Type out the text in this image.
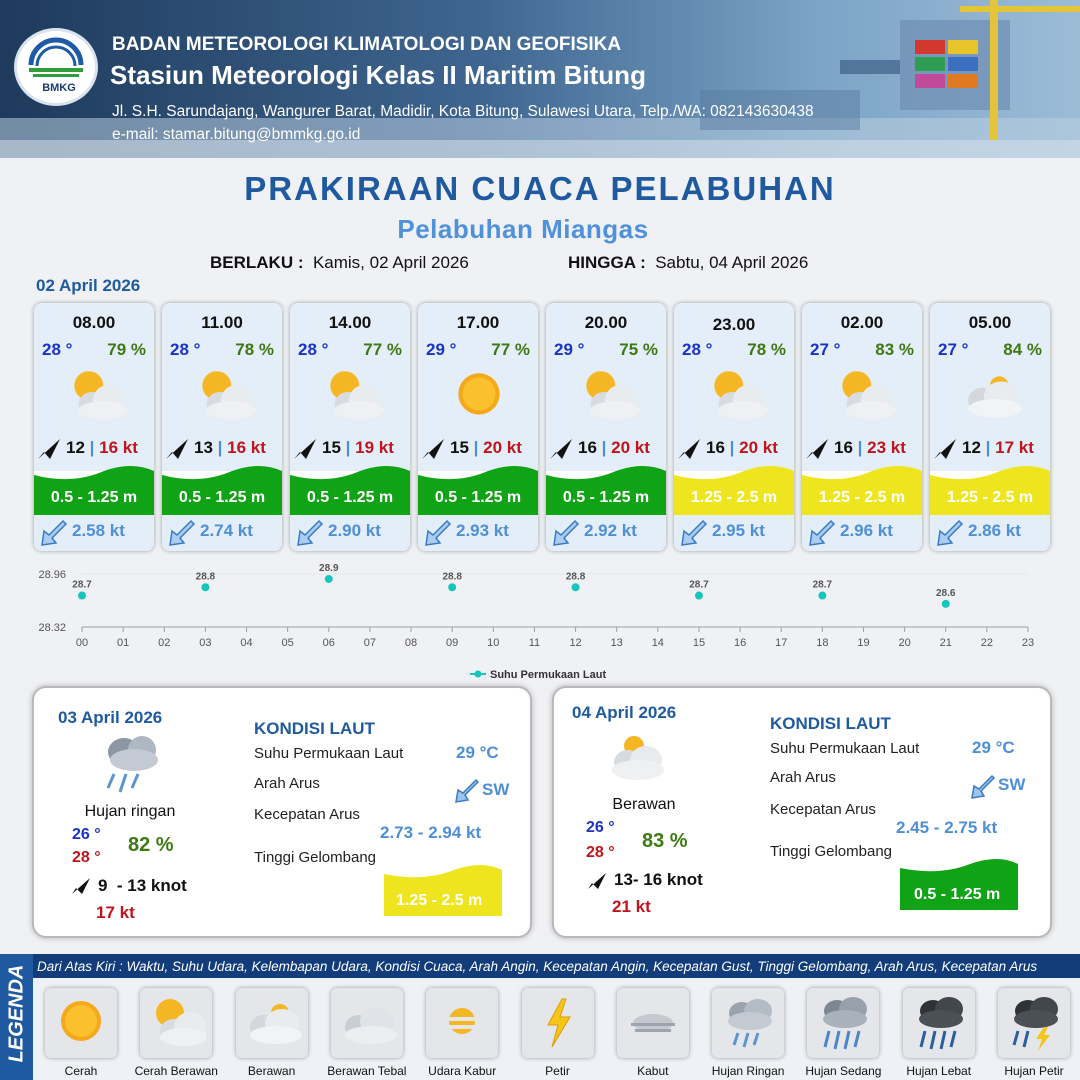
BMKG
BADAN METEOROLOGI KLIMATOLOGI DAN GEOFISIKA
Stasiun Meteorologi Kelas II Maritim Bitung
Jl. S.H. Sarundajang, Wangurer Barat, Madidir, Kota Bitung, Sulawesi Utara, Telp./WA: 082143630438
e-mail: stamar.bitung@bmmkg.go.id
PRAKIRAAN CUACA PELABUHAN
Pelabuhan Miangas
BERLAKU : Kamis, 02 April 2026	HINGGA : Sabtu, 04 April 2026
02 April 2026
08.00
28 ° 79 %
12 | 16 kt
0.5 - 1.25 m
2.58 kt
11.00
28 ° 78 %
13 | 16 kt
0.5 - 1.25 m
2.74 kt
14.00
28 ° 77 %
15 | 19 kt
0.5 - 1.25 m
2.90 kt
17.00
29 ° 77 %
15 | 20 kt
0.5 - 1.25 m
2.93 kt
20.00
29 ° 75 %
16 | 20 kt
0.5 - 1.25 m
2.92 kt
23.00
28 ° 78 %
16 | 20 kt
1.25 - 2.5 m
2.95 kt
02.00
27 ° 83 %
16 | 23 kt
1.25 - 2.5 m
2.96 kt
05.00
27 ° 84 %
12 | 17 kt
1.25 - 2.5 m
2.86 kt
00	01	02	03	04	05	06	07	08	09	10	11	12	13	14	15	16	17	18	19	20	21	22	23
28.96
28.32
28.7
28.8
28.9
28.8	28.8
28.7	28.7
28.6
Suhu Permukaan Laut
03 April 2026
Hujan ringan
26 °
28 °
82 %
9  - 13 knot
17 kt
KONDISI LAUT
Suhu Permukaan Laut	29 °C
Arah Arus	SW
Kecepatan Arus
2.73 - 2.94 kt
Tinggi Gelombang
1.25 - 2.5 m
04 April 2026
Berawan
26 °
28 °
83 %
13- 16 knot
21 kt
KONDISI LAUT
Suhu Permukaan Laut	29 °C
Arah Arus	SW
Kecepatan Arus
2.45 - 2.75 kt
Tinggi Gelombang
0.5 - 1.25 m
LEGENDA Dari Atas Kiri : Waktu, Suhu Udara, Kelembapan Udara, Kondisi Cuaca, Arah Angin, Kecepatan Angin, Kecepatan Gust, Tinggi Gelombang, Arah Arus, Kecepatan Arus
Cerah	Cerah Berawan	Berawan	Berawan Tebal	Udara Kabur	Petir	Kabut	Hujan Ringan	Hujan Sedang	Hujan Lebat	Hujan Petir
